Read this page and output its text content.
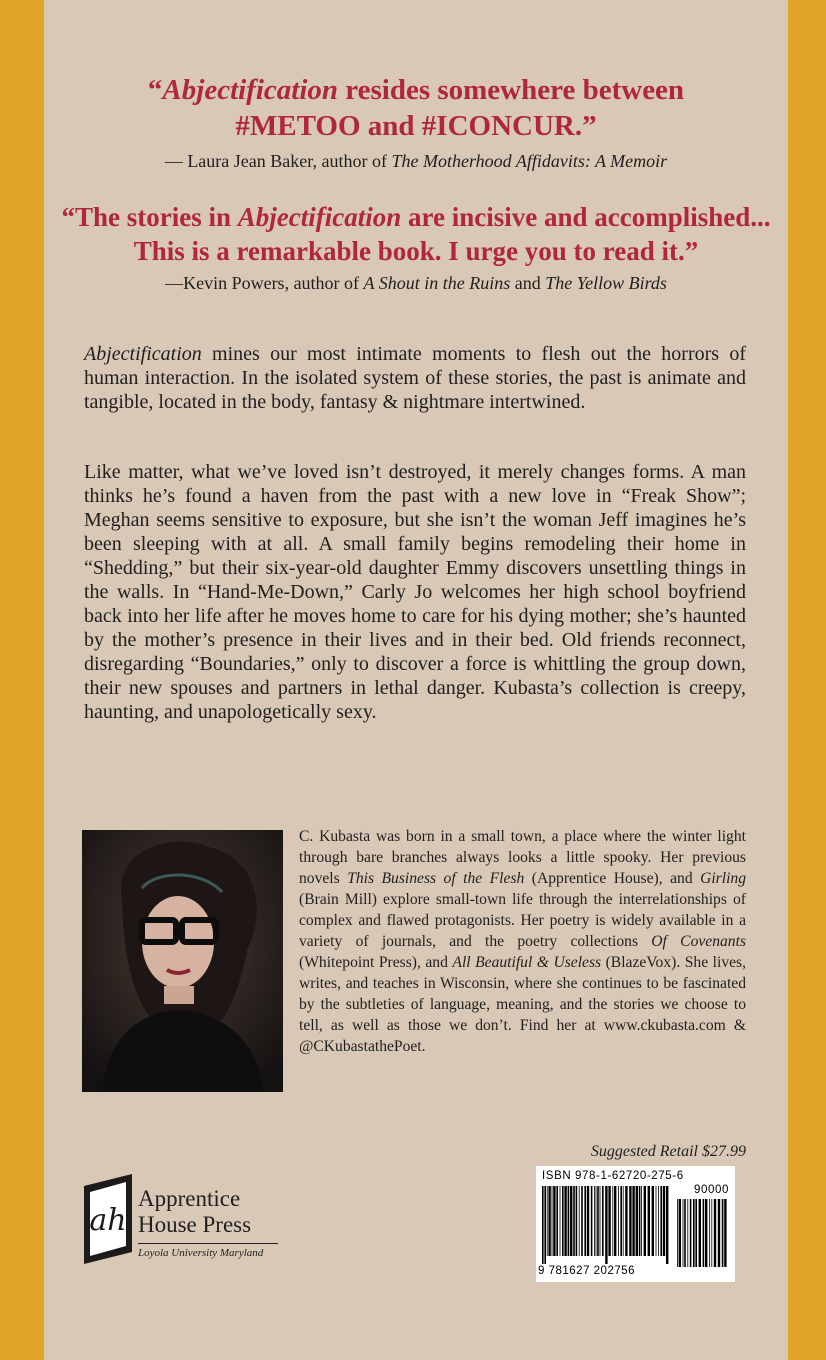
“Abjectification resides somewhere between
#METOO and #ICONCUR.”
— Laura Jean Baker, author of The Motherhood Affidavits: A Memoir
“The stories in Abjectification are incisive and accomplished...
This is a remarkable book. I urge you to read it.”
—Kevin Powers, author of A Shout in the Ruins and The Yellow Birds

Abjectification mines our most intimate moments to flesh out the horrors of human interaction. In the isolated system of these stories, the past is animate and tangible, located in the body, fantasy & nightmare intertwined.

Like matter, what we’ve loved isn’t destroyed, it merely changes forms. A man thinks he’s found a haven from the past with a new love in “Freak Show”; Meghan seems sensitive to exposure, but she isn’t the woman Jeff imagines he’s been sleeping with at all. A small family begins remodeling their home in “Shedding,” but their six-year-old daughter Emmy discovers unsettling things in the walls. In “Hand-Me-Down,” Carly Jo welcomes her high school boyfriend back into her life after he moves home to care for his dying mother; she’s haunted by the mother’s presence in their lives and in their bed. Old friends reconnect, disregarding “Boundaries,” only to discover a force is whittling the group down, their new spouses and partners in lethal danger. Kubasta’s collection is creepy, haunting, and unapologetically sexy.

C. Kubasta was born in a small town, a place where the winter light through bare branches always looks a little spooky. Her previous novels This Business of the Flesh (Apprentice House), and Girling (Brain Mill) explore small-town life through the interrelationships of complex and flawed protagonists. Her poetry is widely available in a variety of journals, and the poetry collections Of Covenants (Whitepoint Press), and All Beautiful & Useless (BlazeVox). She lives, writes, and teaches in Wisconsin, where she continues to be fascinated by the subtleties of language, meaning, and the stories we choose to tell, as well as those we don’t. Find her at www.ckubasta.com & @CKubastathePoet.

Suggested Retail $27.99
ISBN 978-1-62720-275-6
90000
9 781627 202756
ah
Apprentice
House Press
Loyola University Maryland
